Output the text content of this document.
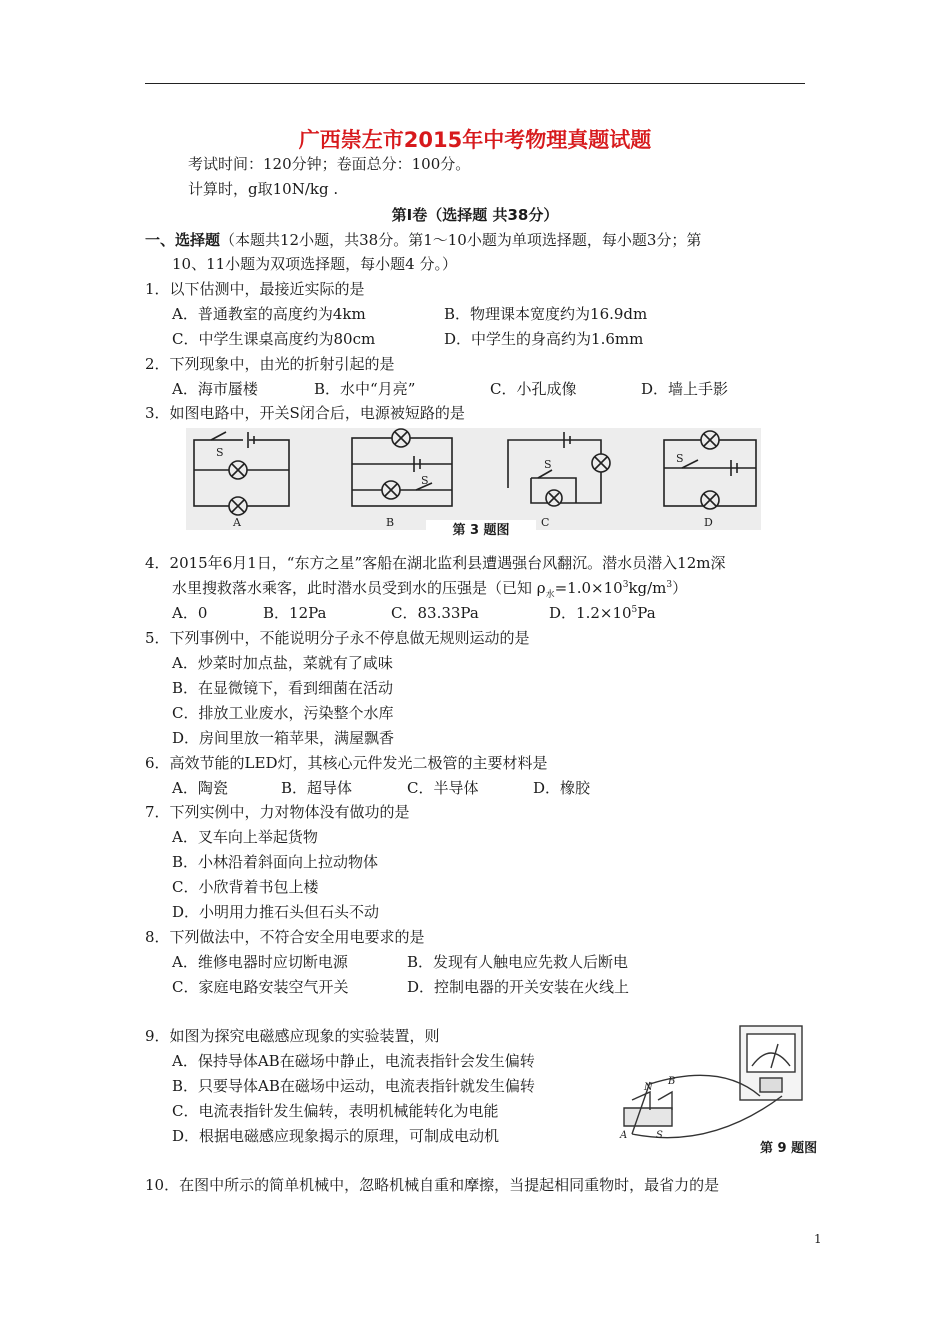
广西崇左市2015年中考物理真题试题
考试时间：120分钟；卷面总分：100分。
计算时，g取10N/kg .
第Ⅰ卷（选择题 共38分）
一、选择题（本题共12小题，共38分。第1～10小题为单项选择题，每小题3分；第
10、11小题为双项选择题，每小题4 分。）
1．以下估测中，最接近实际的是
A．普通教室的高度约为4km	B．物理课本宽度约为16.9dm
C．中学生课桌高度约为80cm	D．中学生的身高约为1.6mm
2．下列现象中，由光的折射引起的是
A．海市蜃楼	B．水中“月亮”	C．小孔成像	D．墙上手影
3．如图电路中，开关S闭合后，电源被短路的是
A	B	C	D
S
S
S	S
第 3 题图
4．2015年6月1日，“东方之星”客船在湖北监利县遭遇强台风翻沉。潜水员潜入12m深
水里搜救落水乘客，此时潜水员受到水的压强是（已知 $\rho_水=1.0\times 10^3kg/m^3$）
A．0	B．12Pa	C．83.33Pa	D．$1.2\times 10^5Pa$
5．下列事例中，不能说明分子永不停息做无规则运动的是
A．炒菜时加点盐，菜就有了咸味
B．在显微镜下，看到细菌在活动
C．排放工业废水，污染整个水库
D．房间里放一箱苹果，满屋飘香
6．高效节能的LED灯，其核心元件发光二极管的主要材料是
A．陶瓷	B．超导体	C．半导体	D．橡胶
7．下列实例中，力对物体没有做功的是
A．叉车向上举起货物
B．小林沿着斜面向上拉动物体
C．小欣背着书包上楼
D．小明用力推石头但石头不动
8．下列做法中，不符合安全用电要求的是
A．维修电器时应切断电源	B．发现有人触电应先救人后断电
C．家庭电路安装空气开关	D．控制电器的开关安装在火线上
9．如图为探究电磁感应现象的实验装置，则
A．保持导体AB在磁场中静止，电流表指针会发生偏转
B．只要导体AB在磁场中运动，电流表指针就发生偏转
C．电流表指针发生偏转，表明机械能转化为电能
D．根据电磁感应现象揭示的原理，可制成电动机
N
B
A	S
第 9 题图
10．在图中所示的简单机械中，忽略机械自重和摩擦，当提起相同重物时，最省力的是
1
